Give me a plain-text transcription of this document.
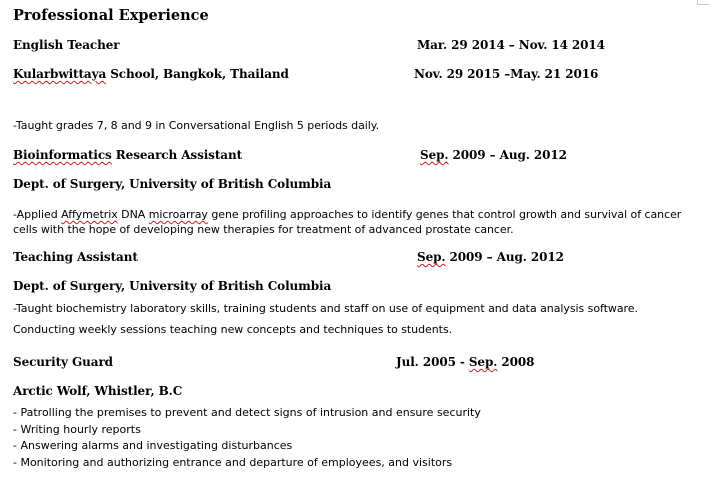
Professional Experience
English Teacher	Mar. 29 2014 – Nov. 14 2014
Kularbwittaya School, Bangkok, Thailand	Nov. 29 2015 –May. 21 2016
-Taught grades 7, 8 and 9 in Conversational English 5 periods daily.
Bioinformatics Research Assistant	Sep. 2009 – Aug. 2012
Dept. of Surgery, University of British Columbia
-Applied Affymetrix DNA microarray gene profiling approaches to identify genes that control growth and survival of cancer cells with the hope of developing new therapies for treatment of advanced prostate cancer.
Teaching Assistant	Sep. 2009 – Aug. 2012
Dept. of Surgery, University of British Columbia
-Taught biochemistry laboratory skills, training students and staff on use of equipment and data analysis software.
Conducting weekly sessions teaching new concepts and techniques to students.
Security Guard	Jul. 2005 - Sep. 2008
Arctic Wolf, Whistler, B.C
- Patrolling the premises to prevent and detect signs of intrusion and ensure security
- Writing hourly reports
- Answering alarms and investigating disturbances
- Monitoring and authorizing entrance and departure of employees, and visitors
